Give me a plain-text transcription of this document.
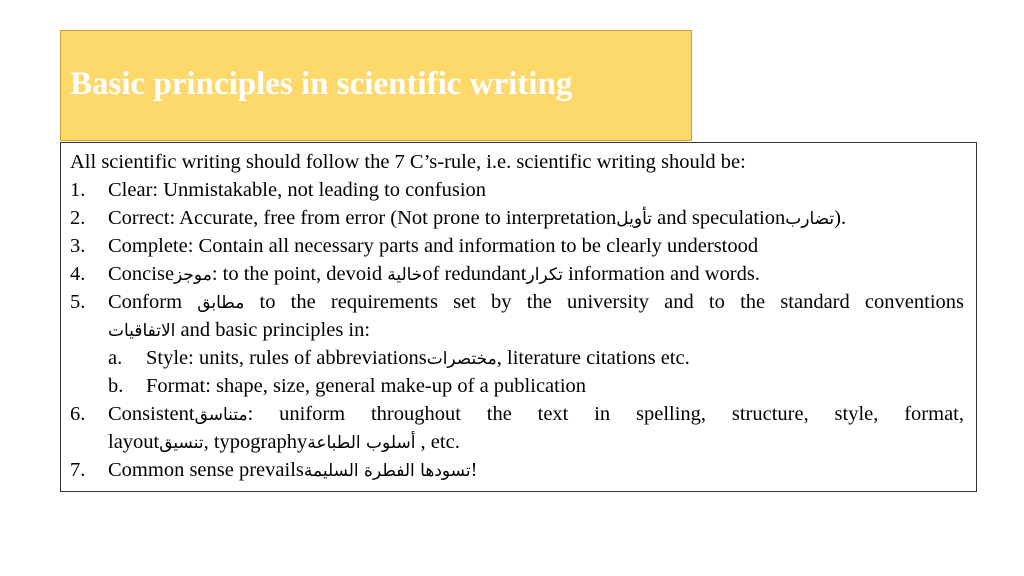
Basic principles in scientific writing
All scientific writing should follow the 7 C’s-rule, i.e. scientific writing should be:
1. Clear: Unmistakable, not leading to confusion
2. Correct: Accurate, free from error (Not prone to interpretationتأويل and speculationتضارب).
3. Complete: Contain all necessary parts and information to be clearly understood
4. Conciseموجز: to the point, devoid خاليةof redundantتكرار information and words.
5. Conform مطابق to the requirements set by the university and to the standard conventions
الاتفاقيات and basic principles in:
a. Style: units, rules of abbreviationsمختصرات, literature citations etc.
b. Format: shape, size, general make-up of a publication
6. Consistentمتناسق: uniform throughout the text in spelling, structure, style, format,
layoutتنسيق, typographyأسلوب الطباعة , etc.
7. Common sense prevailsتسودها الفطرة السليمة!
